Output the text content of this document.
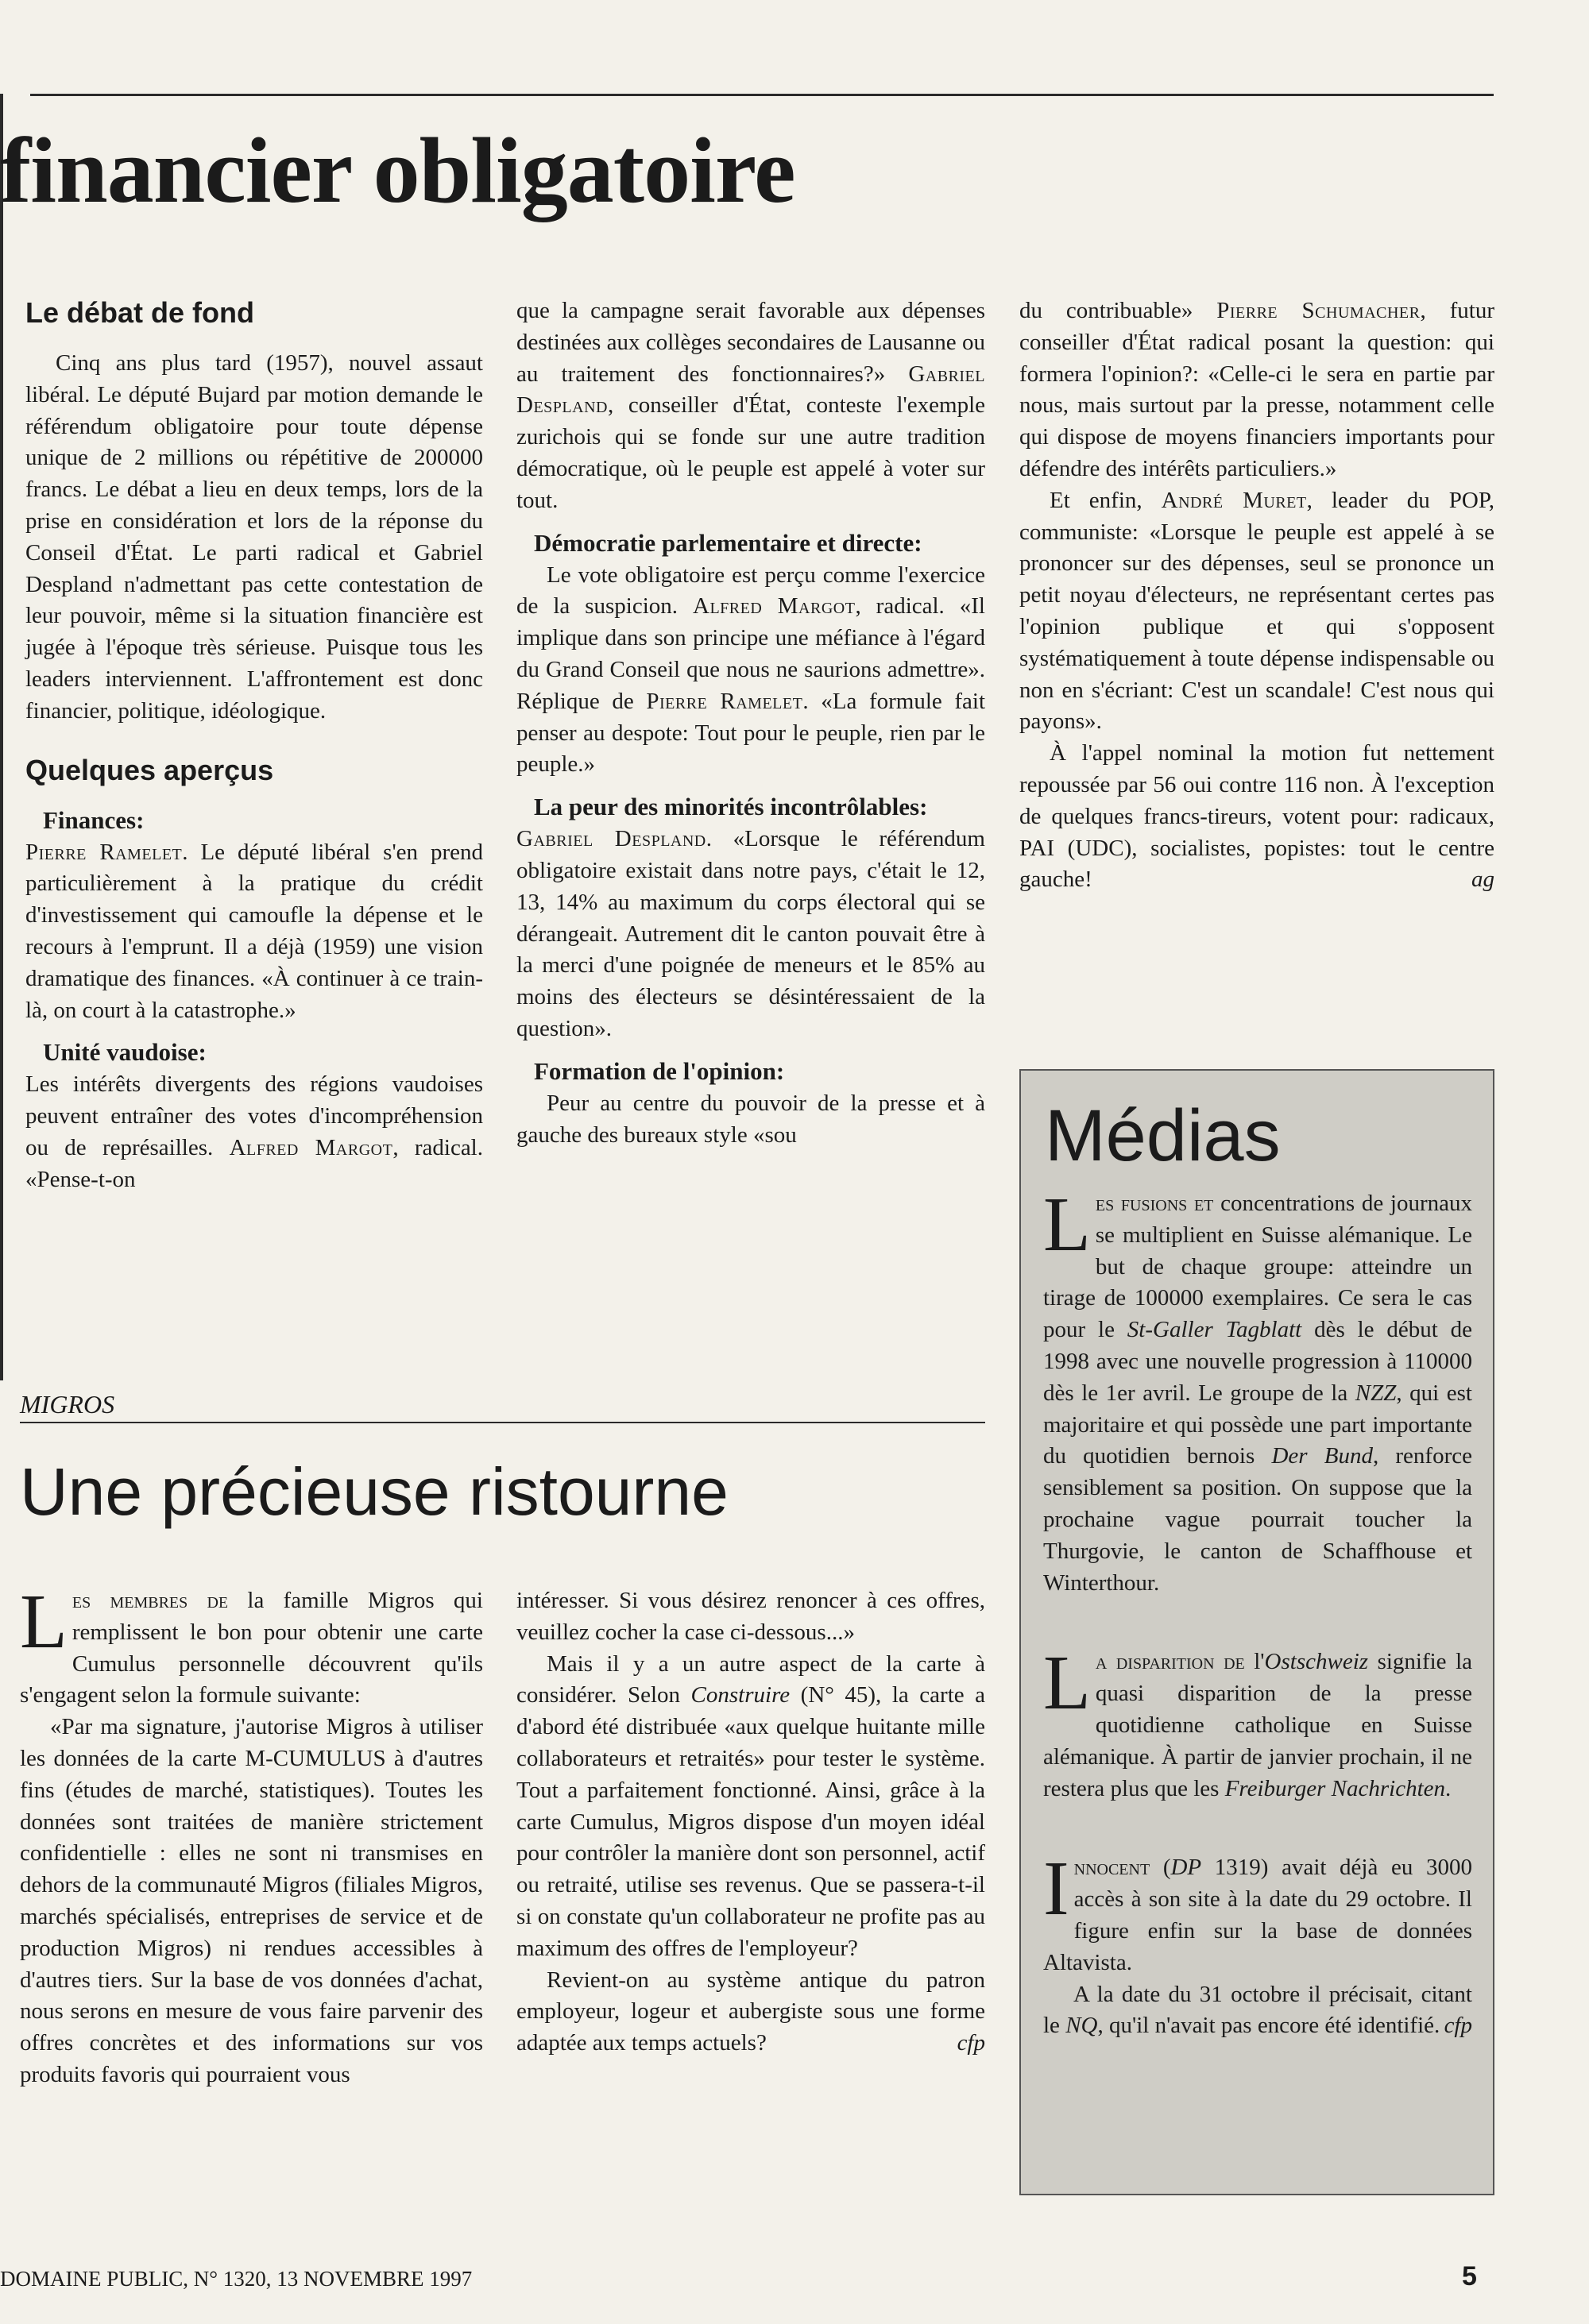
financier obligatoire
Le débat de fond

Cinq ans plus tard (1957), nouvel assaut libéral. Le député Bujard par motion demande le référendum obligatoire pour toute dépense unique de 2 millions ou répétitive de 200000 francs. Le débat a lieu en deux temps, lors de la prise en considération et lors de la réponse du Conseil d'État. Le parti radical et Gabriel Despland n'admettant pas cette contestation de leur pouvoir, même si la situation financière est jugée à l'époque très sérieuse. Puisque tous les leaders interviennent. L'affrontement est donc financier, politique, idéologique.

Quelques aperçus
Finances:

Pierre Ramelet. Le député libéral s'en prend particulièrement à la pratique du crédit d'investissement qui camoufle la dépense et le recours à l'emprunt. Il a déjà (1959) une vision dramatique des finances. «À continuer à ce train-là, on court à la catastrophe.»

Unité vaudoise:

Les intérêts divergents des régions vaudoises peuvent entraîner des votes d'incompréhension ou de représailles. Alfred Margot, radical. «Pense-t-on

que la campagne serait favorable aux dépenses destinées aux collèges secondaires de Lausanne ou au traitement des fonctionnaires?» Gabriel Despland, conseiller d'État, conteste l'exemple zurichois qui se fonde sur une autre tradition démocratique, où le peuple est appelé à voter sur tout.

Démocratie parlementaire et directe:

Le vote obligatoire est perçu comme l'exercice de la suspicion. Alfred Margot, radical. «Il implique dans son principe une méfiance à l'égard du Grand Conseil que nous ne saurions admettre». Réplique de Pierre Ramelet. «La formule fait penser au despote: Tout pour le peuple, rien par le peuple.»

La peur des minorités incontrôlables:

Gabriel Despland. «Lorsque le référendum obligatoire existait dans notre pays, c'était le 12, 13, 14% au maximum du corps électoral qui se dérangeait. Autrement dit le canton pouvait être à la merci d'une poignée de meneurs et le 85% au moins des électeurs se désintéressaient de la question».

Formation de l'opinion:

Peur au centre du pouvoir de la presse et à gauche des bureaux style «sou

du contribuable» Pierre Schumacher, futur conseiller d'État radical posant la question: qui formera l'opinion?: «Celle-ci le sera en partie par nous, mais surtout par la presse, notamment celle qui dispose de moyens financiers importants pour défendre des intérêts particuliers.»

Et enfin, André Muret, leader du POP, communiste: «Lorsque le peuple est appelé à se prononcer sur des dépenses, seul se prononce un petit noyau d'électeurs, ne représentant certes pas l'opinion publique et qui s'opposent systématiquement à toute dépense indispensable ou non en s'écriant: C'est un scandale! C'est nous qui payons».

À l'appel nominal la motion fut nettement repoussée par 56 oui contre 116 non. À l'exception de quelques francs-tireurs, votent pour: radicaux, PAI (UDC), socialistes, popistes: tout le centre gauche!	ag
MIGROS
Une précieuse ristourne

Les membres de la famille Migros qui remplissent le bon pour obtenir une carte Cumulus personnelle découvrent qu'ils s'engagent selon la formule suivante:

«Par ma signature, j'autorise Migros à utiliser les données de la carte M-CUMULUS à d'autres fins (études de marché, statistiques). Toutes les données sont traitées de manière strictement confidentielle : elles ne sont ni transmises en dehors de la communauté Migros (filiales Migros, marchés spécialisés, entreprises de service et de production Migros) ni rendues accessibles à d'autres tiers. Sur la base de vos données d'achat, nous serons en mesure de vous faire parvenir des offres concrètes et des informations sur vos produits favoris qui pourraient vous

intéresser. Si vous désirez renoncer à ces offres, veuillez cocher la case ci-dessous...»

Mais il y a un autre aspect de la carte à considérer. Selon Construire (N° 45), la carte a d'abord été distribuée «aux quelque huitante mille collaborateurs et retraités» pour tester le système. Tout a parfaitement fonctionné. Ainsi, grâce à la carte Cumulus, Migros dispose d'un moyen idéal pour contrôler la manière dont son personnel, actif ou retraité, utilise ses revenus. Que se passera-t-il si on constate qu'un collaborateur ne profite pas au maximum des offres de l'employeur?

Revient-on au système antique du patron employeur, logeur et aubergiste sous une forme adaptée aux temps actuels?	cfp
Médias

Les fusions et concentrations de journaux se multiplient en Suisse alémanique. Le but de chaque groupe: atteindre un tirage de 100000 exemplaires. Ce sera le cas pour le St-Galler Tagblatt dès le début de 1998 avec une nouvelle progression à 110000 dès le 1er avril. Le groupe de la NZZ, qui est majoritaire et qui possède une part importante du quotidien bernois Der Bund, renforce sensiblement sa position. On suppose que la prochaine vague pourrait toucher la Thurgovie, le canton de Schaffhouse et Winterthour.

La disparition de l'Ostschweiz signifie la quasi disparition de la presse quotidienne catholique en Suisse alémanique. À partir de janvier prochain, il ne restera plus que les Freiburger Nachrichten.

Innocent (DP 1319) avait déjà eu 3000 accès à son site à la date du 29 octobre. Il figure enfin sur la base de données Altavista.

A la date du 31 octobre il précisait, citant le NQ, qu'il n'avait pas encore été identifié. cfp
DOMAINE PUBLIC, N° 1320, 13 NOVEMBRE 1997	5
